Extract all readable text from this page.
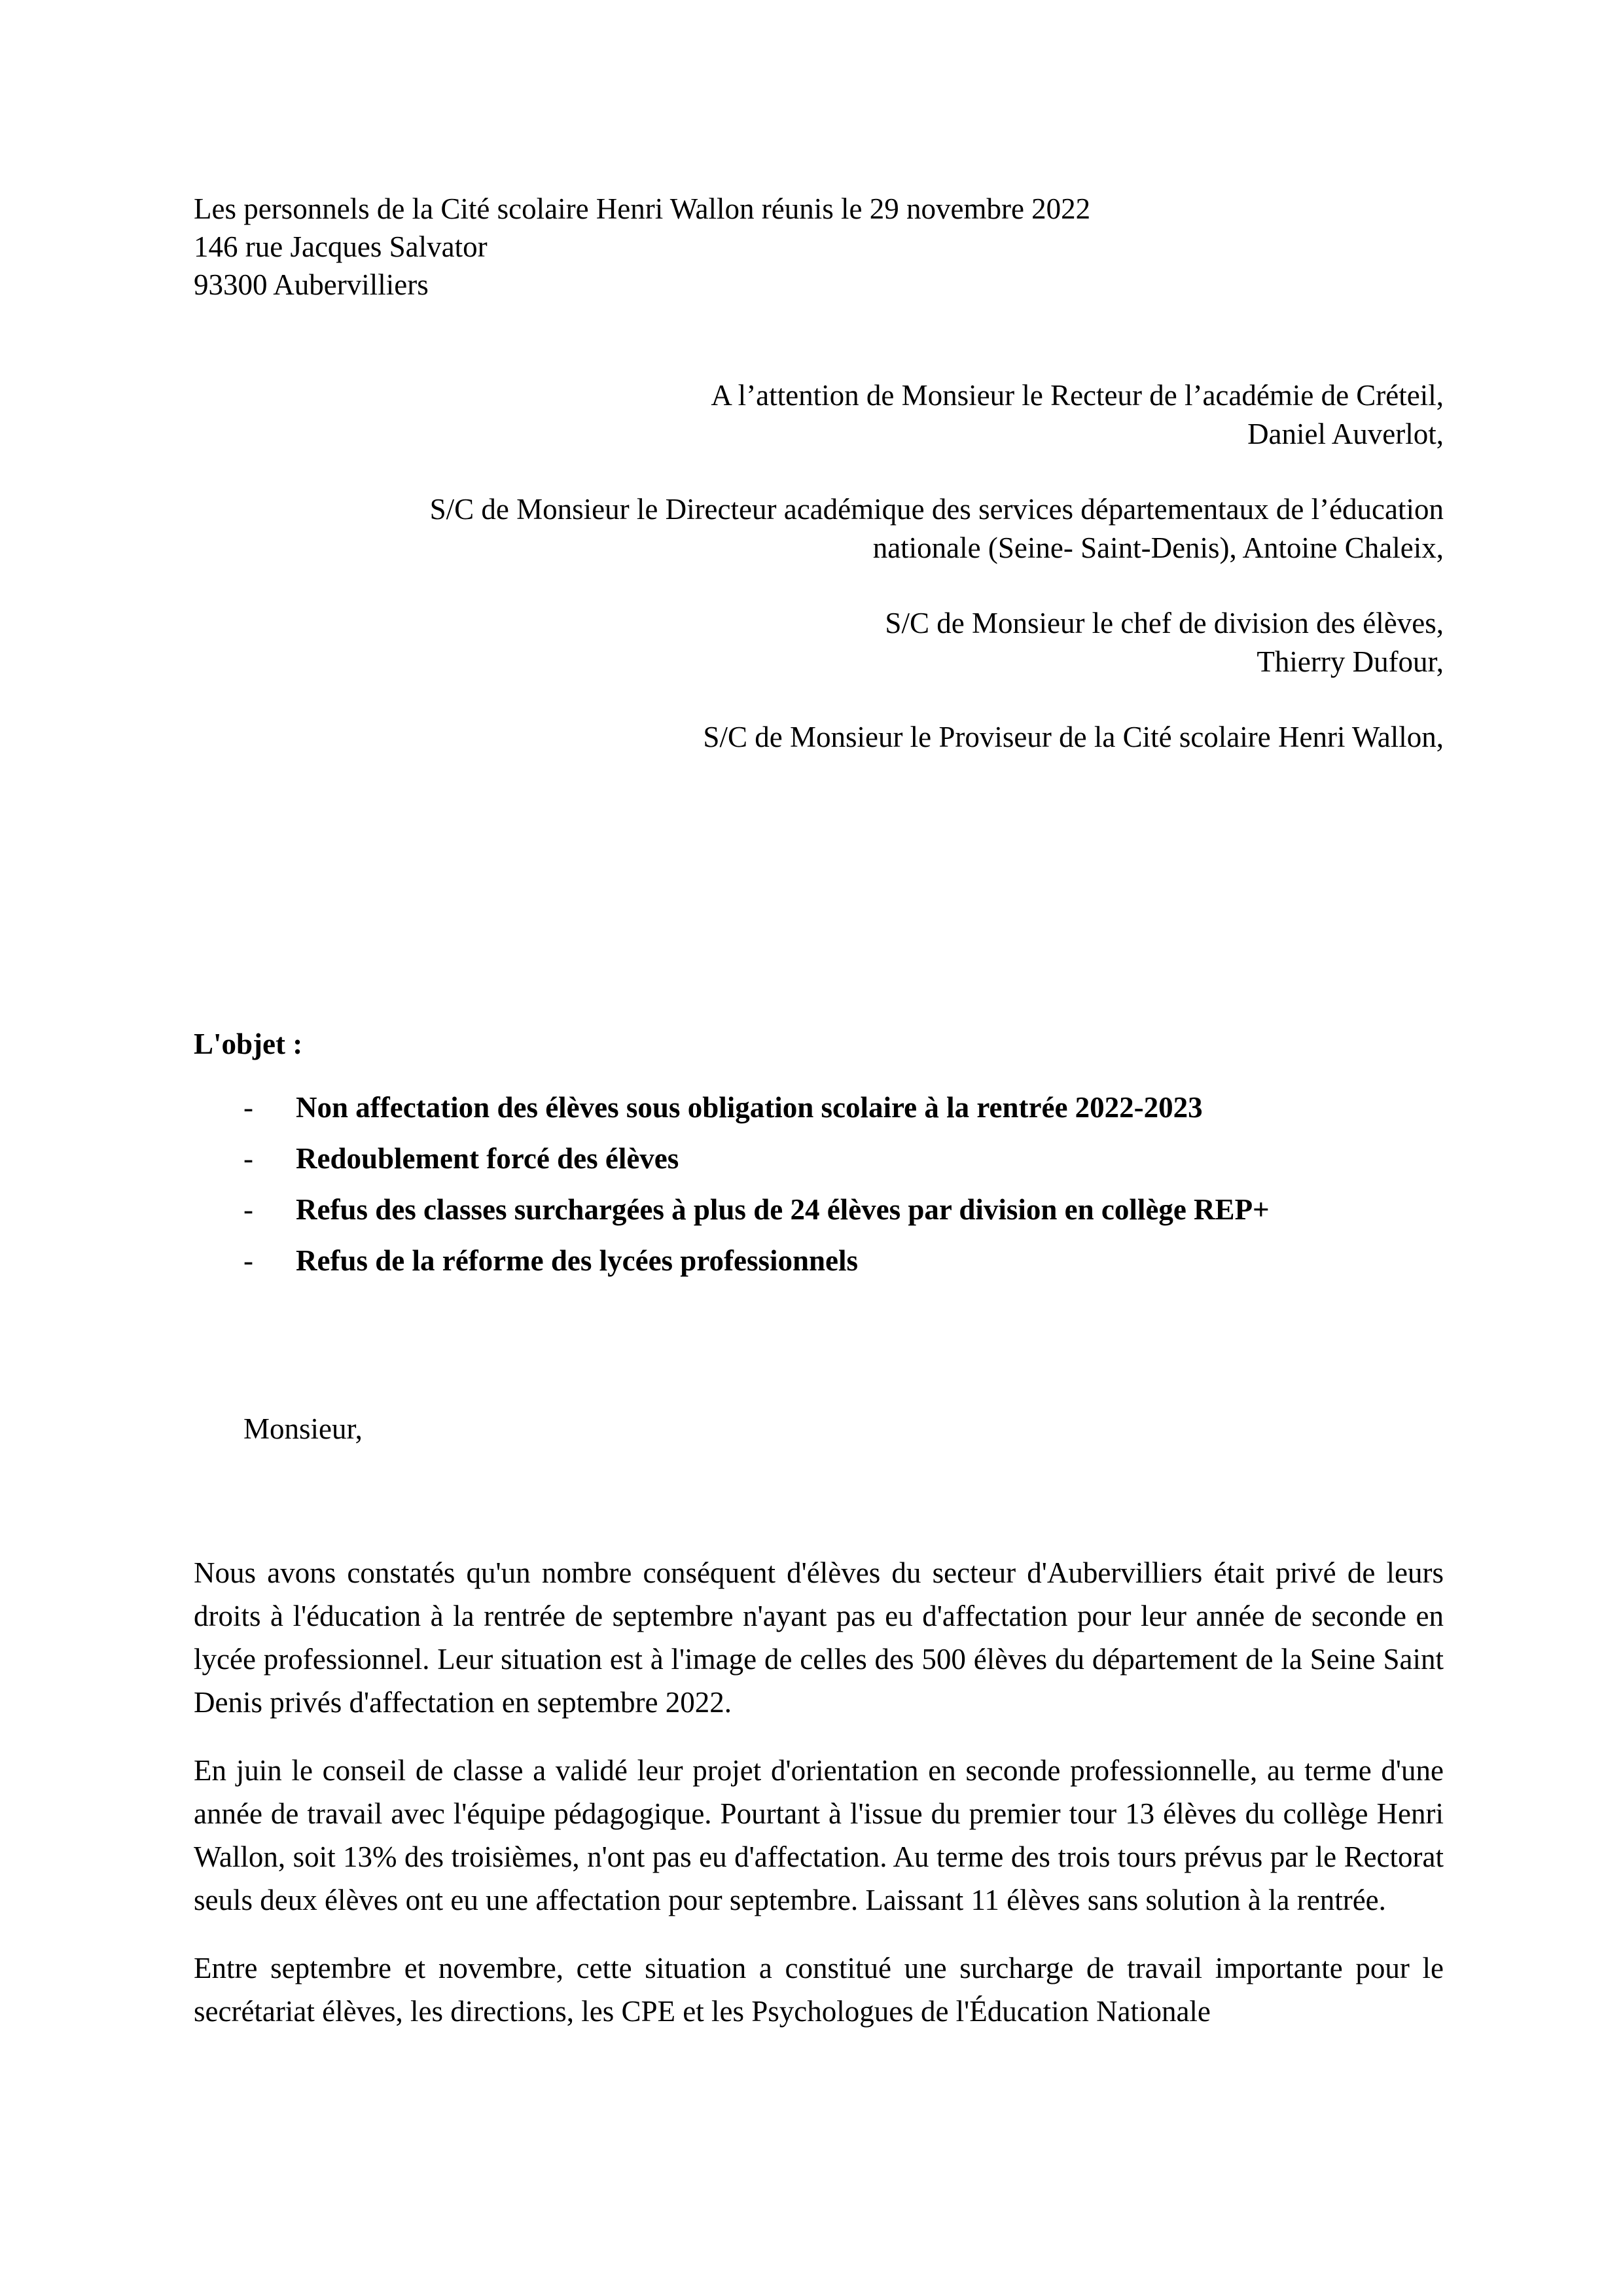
Les personnels de la Cité scolaire Henri Wallon réunis le 29 novembre 2022
146 rue Jacques Salvator
93300 Aubervilliers
A l’attention de Monsieur le Recteur de l’académie de Créteil,
Daniel Auverlot,
S/C de Monsieur le Directeur académique des services départementaux de l’éducation
nationale (Seine- Saint-Denis), Antoine Chaleix,
S/C de Monsieur le chef de division des élèves,
Thierry Dufour,
S/C de Monsieur le Proviseur de la Cité scolaire Henri Wallon,
L'objet :
- Non affectation des élèves sous obligation scolaire à la rentrée 2022-2023
- Redoublement forcé des élèves
- Refus des classes surchargées à plus de 24 élèves par division en collège REP+
- Refus de la réforme des lycées professionnels
Monsieur,

Nous avons constatés qu'un nombre conséquent d'élèves du secteur d'Aubervilliers était privé de leurs droits à l'éducation à la rentrée de septembre n'ayant pas eu d'affectation pour leur année de seconde en lycée professionnel. Leur situation est à l'image de celles des 500 élèves du département de la Seine Saint Denis privés d'affectation en septembre 2022.

En juin le conseil de classe a validé leur projet d'orientation en seconde professionnelle, au terme d'une année de travail avec l'équipe pédagogique. Pourtant à l'issue du premier tour 13 élèves du collège Henri Wallon, soit 13% des troisièmes, n'ont pas eu d'affectation. Au terme des trois tours prévus par le Rectorat seuls deux élèves ont eu une affectation pour septembre. Laissant 11 élèves sans solution à la rentrée.

Entre septembre et novembre, cette situation a constitué une surcharge de travail importante pour le secrétariat élèves, les directions, les CPE et les Psychologues de l'Éducation Nationale
